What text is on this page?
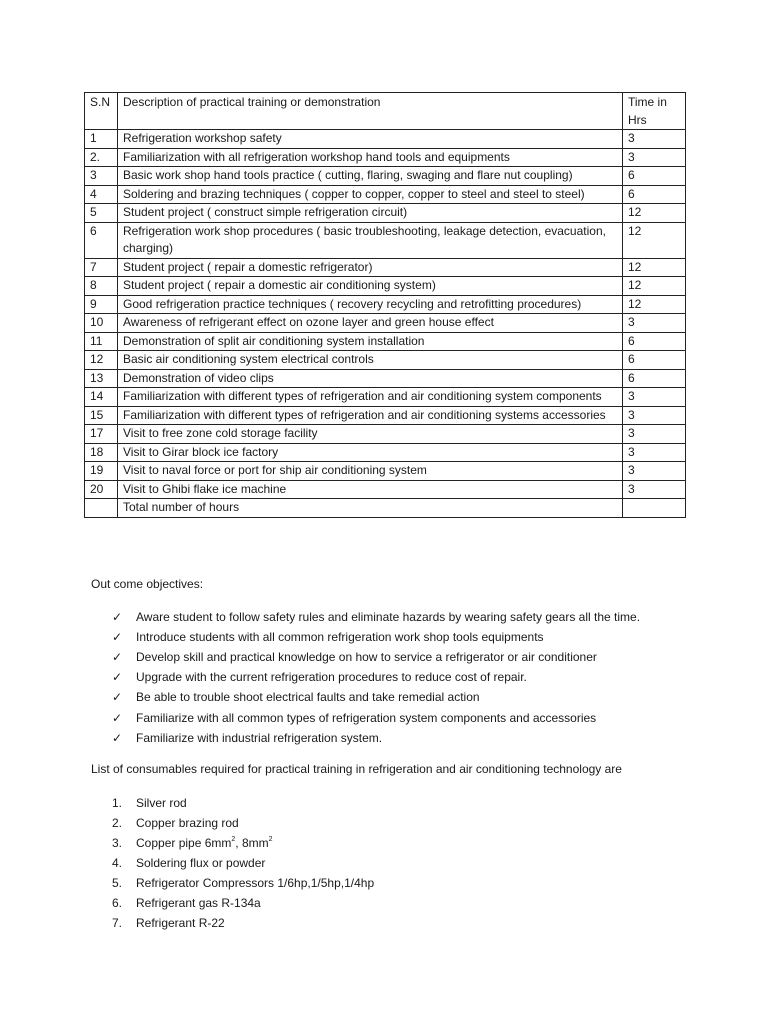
S.N	Description of practical training or demonstration	Time in Hrs
1	Refrigeration workshop safety	3
2.	Familiarization with all refrigeration workshop hand tools and equipments	3
3	Basic work shop hand tools practice ( cutting, flaring, swaging and flare nut coupling)	6
4	Soldering and brazing techniques ( copper to copper, copper to steel and steel to steel)	6
5	Student project ( construct simple refrigeration circuit)	12
6	Refrigeration work shop procedures ( basic troubleshooting, leakage detection, evacuation, charging)	12
7	Student project ( repair a domestic refrigerator)	12
8	Student project ( repair a domestic air conditioning system)	12
9	Good refrigeration practice techniques ( recovery recycling and retrofitting procedures)	12
10	Awareness of refrigerant effect on ozone layer and green house effect	3
11	Demonstration of split air conditioning system installation	6
12	Basic air conditioning system electrical controls	6
13	Demonstration of video clips	6
14	Familiarization with different types of refrigeration and air conditioning system components	3
15	Familiarization with different types of refrigeration and air conditioning systems accessories	3
17	Visit to free zone cold storage facility	3
18	Visit to Girar block ice factory	3
19	Visit to naval force or port for ship air conditioning system	3
20	Visit to Ghibi flake ice machine	3
	Total number of hours	
Out come objectives:
✓	Aware student to follow safety rules and eliminate hazards by wearing safety gears all the time.
✓	Introduce students with all common refrigeration work shop tools equipments
✓	Develop skill and practical knowledge on how to service a refrigerator or air conditioner
✓	Upgrade with the current refrigeration procedures to reduce cost of repair.
✓	Be able to trouble shoot electrical faults and take remedial action
✓	Familiarize with all common types of refrigeration system components and accessories
✓	Familiarize with industrial refrigeration system.
List of consumables required for practical training in refrigeration and air conditioning technology are
1.	Silver rod
2.	Copper brazing rod
3.	Copper pipe $6mm^2$, $8mm^2$
4.	Soldering flux or powder
5.	Refrigerator Compressors 1/6hp,1/5hp,1/4hp
6.	Refrigerant gas R-134a
7.	Refrigerant R-22
